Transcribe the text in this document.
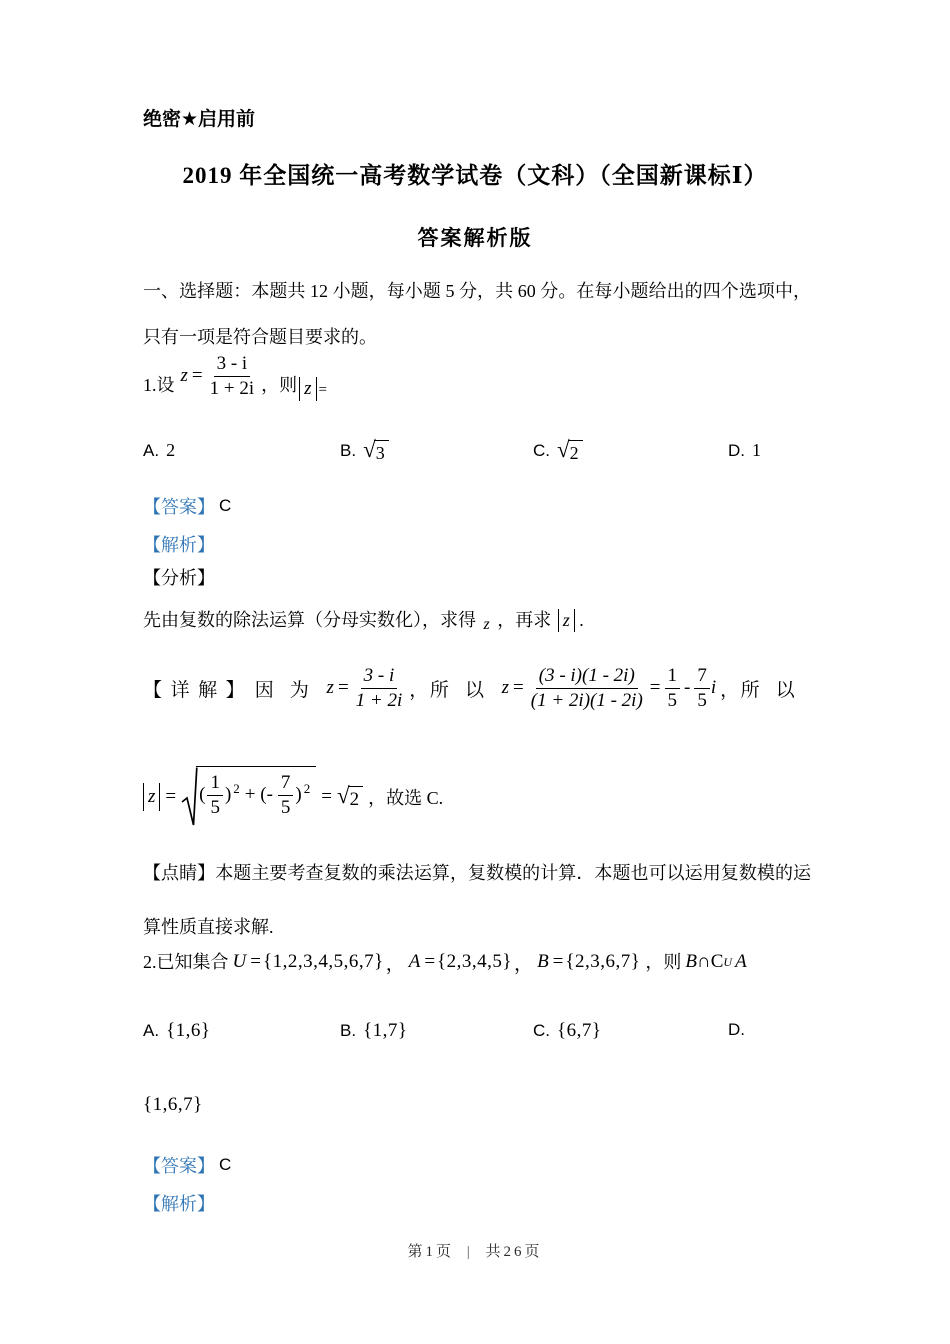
绝密★启用前
2019 年全国统一高考数学试卷（文科）（全国新课标Ⅰ）
答案解析版
一、选择题：本题共 12 小题，每小题 5 分，共 60 分。在每小题给出的四个选项中，只有一项是符合题目要求的。
1.设 $z = \frac{3 - i}{1 + 2i}$ ，则 z =
A. 2	B. √ 3	C. √ 2	D. 1
【答案】 C
【解析】
【分析】
先由复数的除法运算（分母实数化），求得 z ，再求 z .
【详解】 因为 $z = \frac{3 - i}{1 + 2i}$ ， 所以 $z = \frac{(3 - i)(1 - 2i)}{(1 + 2i)(1 - 2i)} = \frac{1}{5} - \frac{7}{5}$ i ， 所以
z = ( $\frac{1}{5} )^2$ + (- $\frac{7}{5} )^2$ = √ 2 ，故选 C.
【点睛】本题主要考查复数的乘法运算，复数模的计算．本题也可以运用复数模的运算性质直接求解.
2.已知集合 U = {1,2,3,4,5,6,7} ， A = {2,3,4,5} ， B = {2,3,6,7} ，则 B ∩ C U A
A. {1,6}	B. {1,7}	C. {6,7}	D.
{1,6,7}
【答案】 C
【解析】
第1页 | 共26页
